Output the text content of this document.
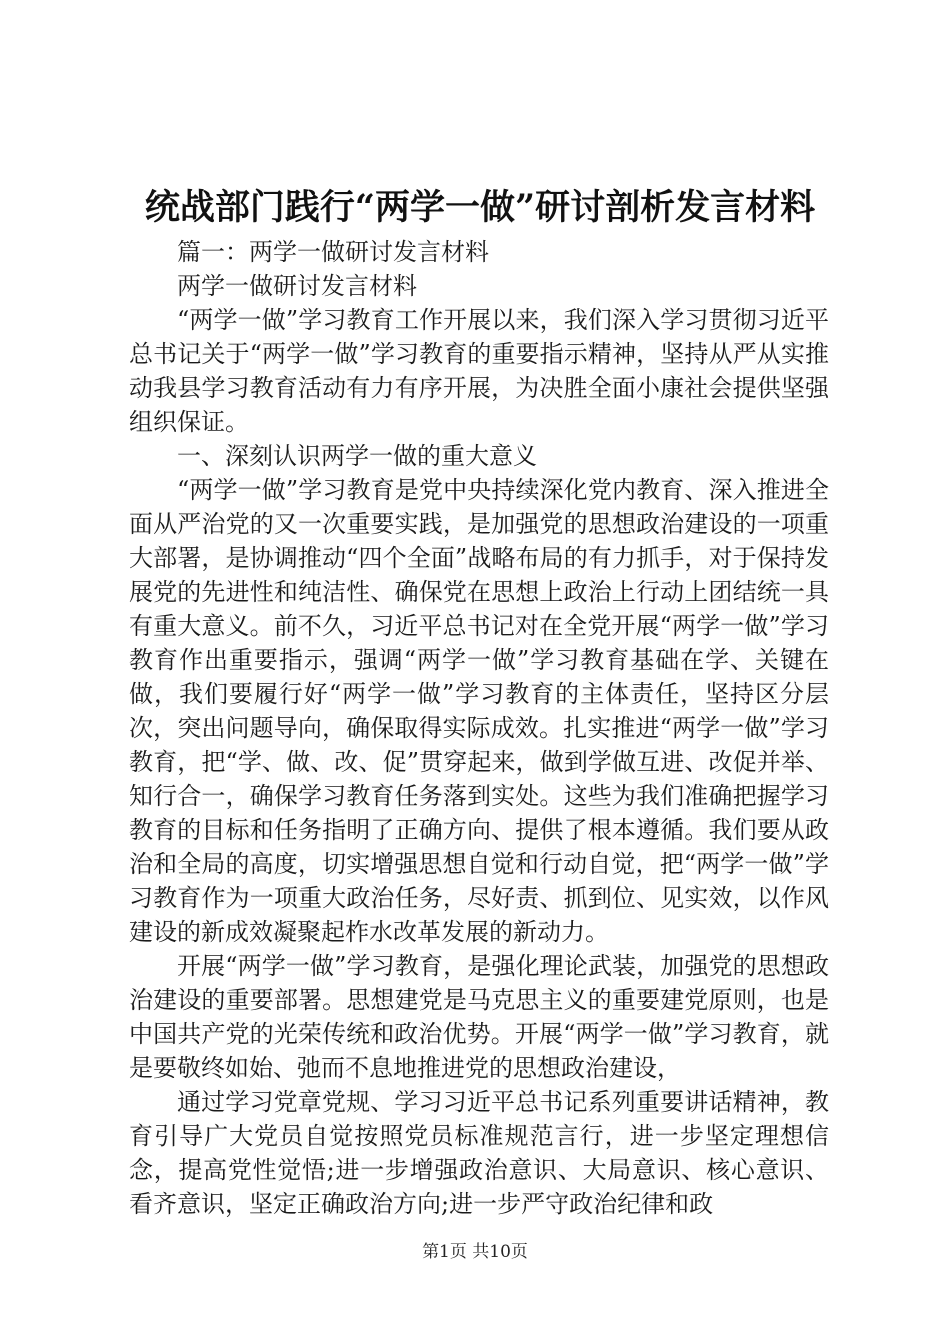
统战部门践行“两学一做”研讨剖析发言材料

篇一：两学一做研讨发言材料

两学一做研讨发言材料

“两学一做”学习教育工作开展以来，我们深入学习贯彻习近平总书记关于“两学一做”学习教育的重要指示精神，坚持从严从实推动我县学习教育活动有力有序开展，为决胜全面小康社会提供坚强组织保证。

一、深刻认识两学一做的重大意义

“两学一做”学习教育是党中央持续深化党内教育、深入推进全面从严治党的又一次重要实践，是加强党的思想政治建设的一项重大部署，是协调推动“四个全面”战略布局的有力抓手，对于保持发展党的先进性和纯洁性、确保党在思想上政治上行动上团结统一具有重大意义。前不久，习近平总书记对在全党开展“两学一做”学习教育作出重要指示，强调“两学一做”学习教育基础在学、关键在做，我们要履行好“两学一做”学习教育的主体责任，坚持区分层次，突出问题导向，确保取得实际成效。扎实推进“两学一做”学习教育，把“学、做、改、促”贯穿起来，做到学做互进、改促并举、知行合一，确保学习教育任务落到实处。这些为我们准确把握学习教育的目标和任务指明了正确方向、提供了根本遵循。我们要从政治和全局的高度，切实增强思想自觉和行动自觉，把“两学一做”学习教育作为一项重大政治任务，尽好责、抓到位、见实效，以作风建设的新成效凝聚起柞水改革发展的新动力。

开展“两学一做”学习教育，是强化理论武装，加强党的思想政治建设的重要部署。思想建党是马克思主义的重要建党原则，也是中国共产党的光荣传统和政治优势。开展“两学一做”学习教育，就是要敬终如始、弛而不息地推进党的思想政治建设，

通过学习党章党规、学习习近平总书记系列重要讲话精神，教育引导广大党员自觉按照党员标准规范言行，进一步坚定理想信念，提高党性觉悟;进一步增强政治意识、大局意识、核心意识、看齐意识，坚定正确政治方向;进一步严守政治纪律和政

第1页 共10页
